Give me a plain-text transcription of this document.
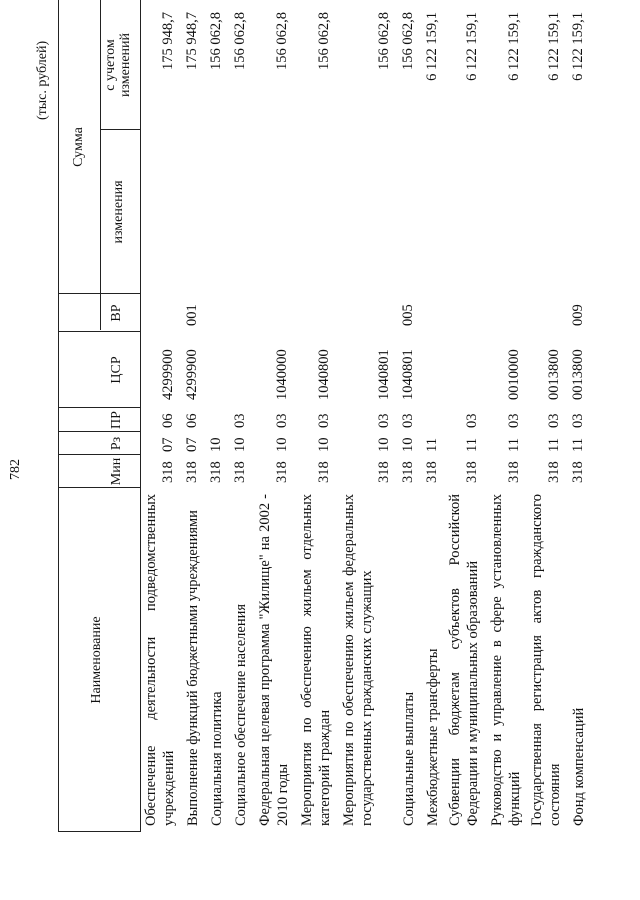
782
(тыс. рублей)
Наименование
Мин
Рз
ПР
ЦСР
ВР
Сумма
изменения
с учетом изменений
Обеспечение деятельности подведомственных учреждений
318
07
06
4299900
175 948,7
Выполнение функций бюджетными учреждениями
318
07
06
4299900
001
175 948,7
Социальная политика
318
10
156 062,8
Социальное обеспечение населения
318
10
03
156 062,8
Федеральная целевая программа "Жилище" на 2002 - 2010 годы
318
10
03
1040000
156 062,8
Мероприятия по обеспечению жильем отдельных категорий граждан
318
10
03
1040800
156 062,8
Мероприятия по обеспечению жильем федеральных государственных гражданских служащих
318
10
03
1040801
156 062,8
Социальные выплаты
318
10
03
1040801
005
156 062,8
Межбюджетные трансферты
318
11
6 122 159,1
Субвенции бюджетам субъектов Российской Федерации и муниципальных образований
318
11
03
6 122 159,1
Руководство и управление в сфере установленных функций
318
11
03
0010000
6 122 159,1
Государственная регистрация актов гражданского состояния
318
11
03
0013800
6 122 159,1
Фонд компенсаций
318
11
03
0013800
009
6 122 159,1
